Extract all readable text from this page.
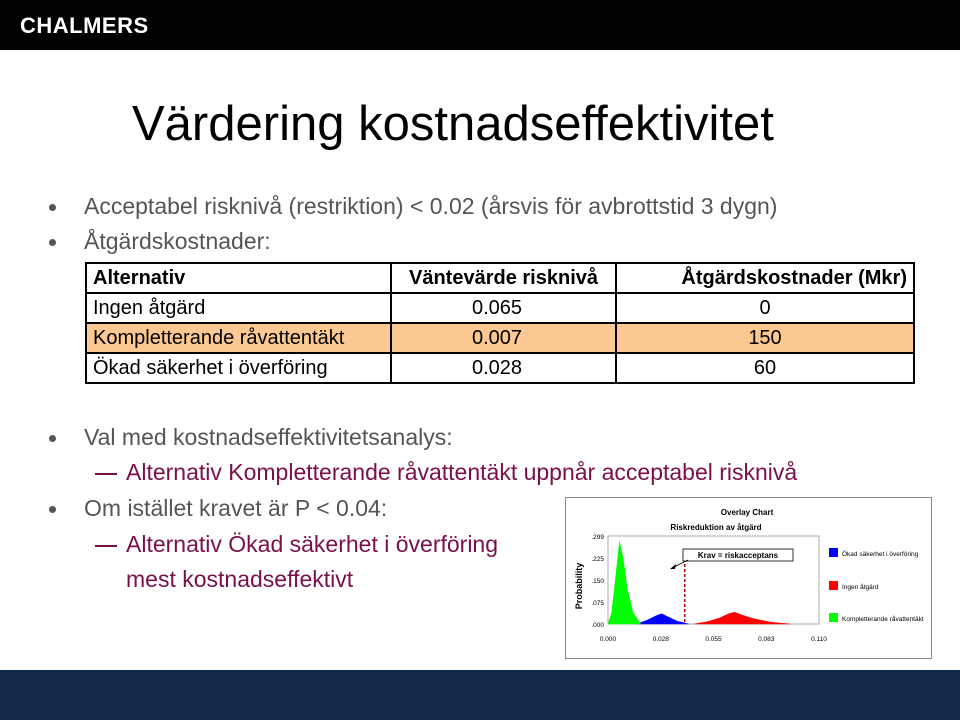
CHALMERS
Värdering kostnadseffektivitet
Acceptabel risknivå (restriktion) < 0.02 (årsvis för avbrottstid 3 dygn)
Åtgärdskostnader:
Alternativ	Väntevärde risknivå	Åtgärdskostnader (Mkr)
Ingen åtgärd	0.065	0
Kompletterande råvattentäkt	0.007	150
Ökad säkerhet i överföring	0.028	60
Val med kostnadseffektivitetsanalys:
Alternativ Kompletterande råvattentäkt uppnår acceptabel risknivå
Om istället kravet är P < 0.04:
Alternativ Ökad säkerhet i överföring
mest kostnadseffektivt
Overlay Chart
Riskreduktion av åtgärd
Probability
.000
.075
.150
.225
.299
0.000	0.028	0.055	0.083	0.110
Krav = riskacceptans	Ökad säkerhet i överföring
Ingen åtgärd
Kompletterande råvattentäkt
